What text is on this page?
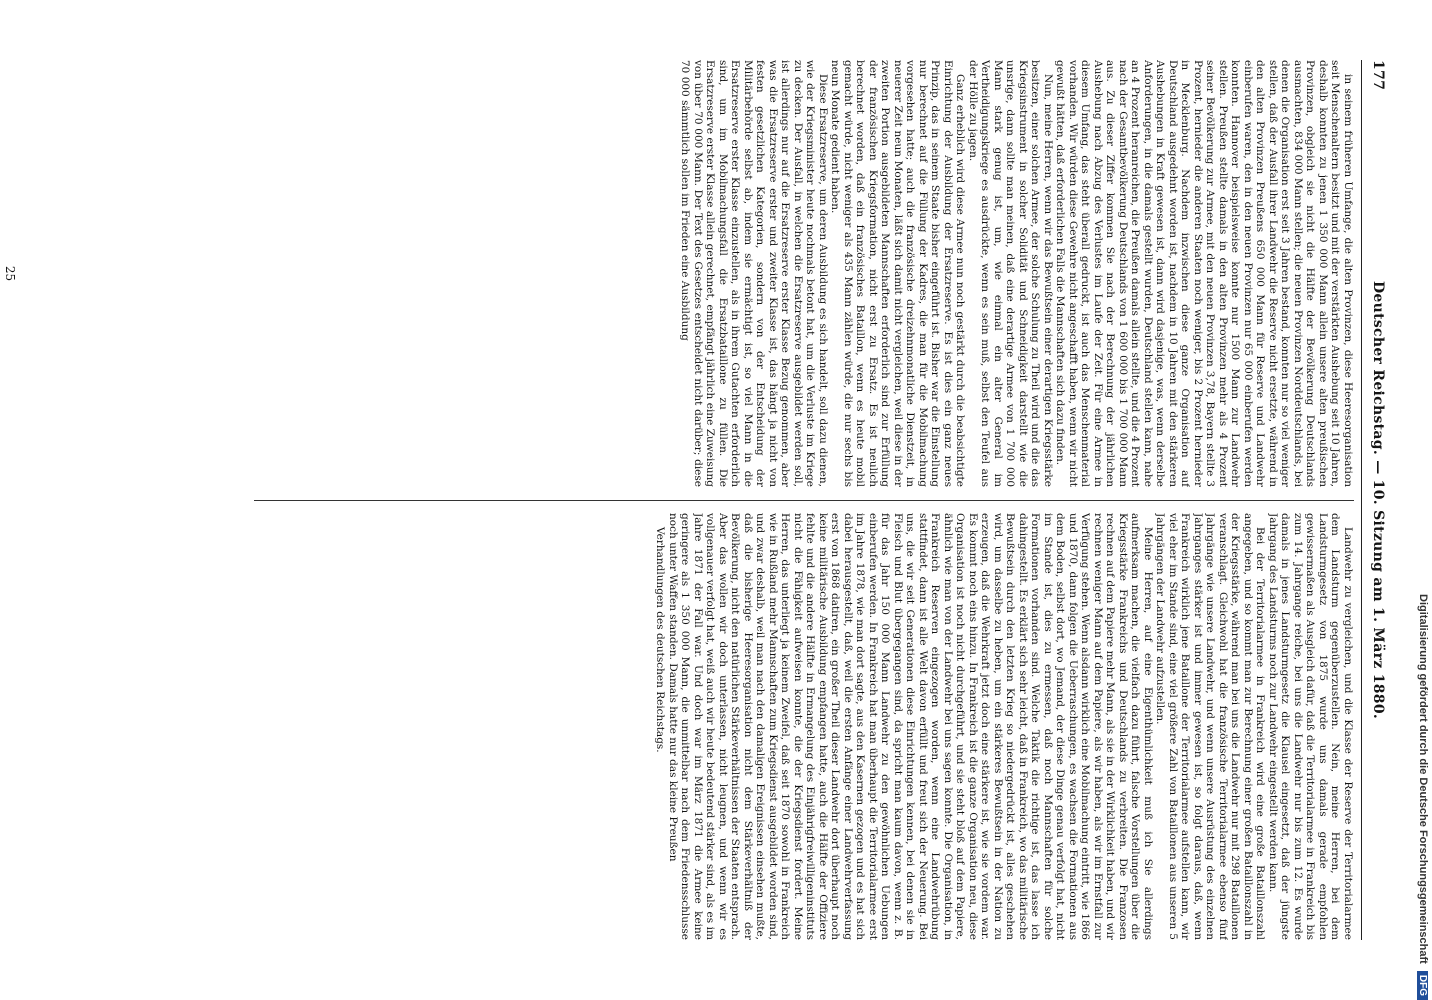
Digitalisierung gefördert durch die Deutsche Forschungsgemeinschaft DFG
177
Deutscher Reichstag. — 10. Sitzung am 1. März 1880.

in seinem früheren Umfange, die alten Provinzen, diese Heeresorganisation seit Menschenaltern besitzt und mit der verstärkten Aushebung seit 10 Jahren, deshalb konnten zu jenen 1 350 000 Mann allein unsere alten preußischen Provinzen, obgleich sie nicht die Hälfte der Bevölkerung Deutschlands ausmachten, 834 000 Mann stellen; die neuen Provinzen Norddeutschlands, bei denen die Organisation erst seit 3 Jahren bestand, konnten nur so viel weniger stellen, daß der Ausfall ihrer Landwehr die Reserve nicht ersetzte, während in den alten Provinzen Preußens 650 000 Mann für Reserve und Landwehr einberufen waren, den in den neuen Provinzen nur 65 000 einberufen werden konnten. Hannover beispielsweise konnte nur 1500 Mann zur Landwehr stellen. Preußen stellte damals in den alten Provinzen mehr als 4 Prozent seiner Bevölkerung zur Armee, mit den neuen Provinzen 3,78, Bayern stellte 3 Prozent, hernieder die anderen Staaten noch weniger, bis 2 Prozent hernieder in Mecklenburg. Nachdem inzwischen diese ganze Organisation auf Deutschland ausgedehnt worden ist, nachdem in 10 Jahren mit den stärkeren Aushebungen in Kraft gewesen ist, dann wird dasjenige, was, wenn derselbe Anforderungen, in die damals gestellt wurden, Deutschland stellen kann, nahe an 4 Prozent heranreichen, die Preußen damals allein stellte, und die 4 Prozent nach der Gesamtbevölkerung Deutschlands von 1 600 000 bis 1 700 000 Mann aus. Zu dieser Ziffer kommen Sie nach der Berechnung der jährlichen Aushebung nach Abzug des Verlustes im Laufe der Zeit. Für eine Armee in diesem Umfang, das steht überall gedruckt, ist auch das Menschenmaterial vorhanden. Wir würden diese Gewehre nicht angeschafft haben, wenn wir nicht gewußt hätten, daß erforderlichen Falls die Mannschaften sich dazu finden.

Nun, meine Herren, wenn wir das Bewußtsein einer derartigen Kriegsstärke besitzen, einer solchen Armee, der solche Schulung zu Theil wird und die das Kriegsinstrument in solcher Solidität und Schneidigkeit darstellt wie die unsrige, dann sollte man meinen, daß eine derartige Armee von 1 700 000 Mann stark genug ist, um, wie einmal ein alter General im Vertheidigungskriege es ausdrückte, wenn es sein muß, selbst den Teufel aus der Hölle zu jagen.

Ganz erheblich wird diese Armee nun noch gestärkt durch die beabsichtigte Einrichtung der Ausbildung der Ersatzreserve. Es ist dies ein ganz neues Prinzip, das in seinem Staate bisher eingeführt ist. Bisher war die Einstellung nur berechnet auf die Füllung der Kadres, die man für die Mobilmachung vorgesehen hatte; auch die französische dreizehnmonatliche Dienstzeit, in neuerer Zeit neun Monaten, läßt sich damit nicht vergleichen, weil diese in der zweiten Portion ausgebildeten Mannschaften erforderlich sind zur Erfüllung der französischen Kriegsformation, nicht erst zu Ersatz. Es ist neulich berechnet worden, daß ein französisches Bataillon, wenn es heute mobil gemacht würde, nicht weniger als 435 Mann zählen würde, die nur sechs bis neun Monate gedient haben.

Diese Ersatzreserve, um deren Ausbildung es sich handelt, soll dazu dienen, wie der Kriegsminister heute nochmals betont hat, um die Verluste im Kriege zu decken. Der Ausfall, in welchen die Ersatzreserve ausgebildet werden soll, ist allerdings nur auf die Ersatzreserve erster Klasse Bezug genommen, aber was die Ersatzreserve erster und zweiter Klasse ist, das hängt ja nicht von festen gesetzlichen Kategorien, sondern von der Entscheidung der Militärbehörde selbst ab, indem sie ermächtigt ist, so viel Mann in die Ersatzreserve erster Klasse einzustellen, als in ihrem Gutachten erforderlich sind, um im Mobilmachungsfall die Ersatzbataillone zu füllen. Die Ersatzreserve erster Klasse allein gerechnet, empfängt jährlich eine Zuweisung von über 70 000 Mann. Der Text des Gesetzes entscheidet nicht darüber; diese 70 000 sämmtlich sollen im Frieden eine Ausbildung

25

Landwehr zu vergleichen, und die Klasse der Reserve der Territorialarmee dem Landsturm gegenüberzustellen. Nein, meine Herren, bei dem Landsturmgesetz von 1875 wurde uns damals gerade empfohlen gewissermaßen als Ausgleich dafür, daß die Territorialarmee in Frankreich bis zum 14. Jahrgange reiche, bei uns die Landwehr nur bis zum 12. Es wurde damals in jenes Landsturmgesetz die Klausel eingesetzt, daß der jüngste Jahrgang des Landsturms noch zur Landwehr eingestellt werden kann.

Bei der Territorialarmee in Frankreich wird eine große Bataillonszahl angegeben, und so kommt man zur Berechnung einer großen Bataillonszahl in der Kriegsstärke, während man bei uns die Landwehr nur mit 298 Bataillonen veranschlagt. Gleichwohl hat die französische Territorialarmee ebenso fünf Jahrgänge wie unsere Landwehr, und wenn unsere Ausrüstung des einzelnen Jahrganges stärker ist und immer gewesen ist, so folgt daraus, daß, wenn Frankreich wirklich jene Bataillone der Territorialarmee aufstellen kann, wir viel eher im Stande sind, eine viel größere Zahl von Bataillonen aus unseren 5 Jahrgängen der Landwehr aufzustellen.

Meine Herren, auf eine Eigenthümlichkeit muß ich Sie allerdings aufmerksam machen, die vielfach dazu führt, falsche Vorstellungen über die Kriegsstärke Frankreichs und Deutschlands zu verbreiten. Die Franzosen rechnen auf dem Papiere mehr Mann, als sie in der Wirklichkeit haben, und wir rechnen weniger Mann auf dem Papiere, als wir haben, als wir im Ernstfall zur Verfügung stehen. Wenn alsdann wirklich eine Mobilmachung eintritt, wie 1866 und 1870, dann folgen die Ueberraschungen, es wachsen die Formationen aus dem Boden, selbst dort, wo Jemand, der diese Dinge genau verfolgt hat, nicht im Stande ist, dies zu ermessen, daß noch Mannschaften für solche Formationen vorhanden sind. Welche Taktik die richtige ist, das lasse ich dahingestellt. Es erklärt sich sehr leicht, daß in Frankreich, wo das militärische Bewußtsein durch den letzten Krieg so niedergedrückt ist, alles geschehen wird, um dasselbe zu heben, um ein stärkeres Bewußtsein in der Nation zu erzeugen, daß die Wehrkraft jetzt doch eine stärkere ist, wie sie vordem war. Es kommt noch eins hinzu. In Frankreich ist die ganze Organisation neu, diese Organisation ist noch nicht durchgeführt, und sie steht bloß auf dem Papiere, ähnlich wie man von der Landwehr bei uns sagen konnte. Die Organisation, in Frankreich Reserven eingezogen worden, wenn eine Landwehrübung stattfindet, dann ist alle Welt davon erfüllt und freut sich der Neuerung. Bei uns, die wir seit Generationen diese Einrichtungen kennen, bei denen sie in Fleisch und Blut übergegangen sind, da spricht man kaum davon, wenn z. B. für das Jahr 150 000 Mann Landwehr zu den gewöhnlichen Uebungen einberufen werden. In Frankreich hat man überhaupt die Territorialarmee erst im Jahre 1878, wie man dort sagte, aus den Kasernen gezogen und es hat sich dabei herausgestellt, daß, weil die ersten Anfänge einer Landwehrverfassung erst von 1868 datiren, ein großer Theil dieser Landwehr dort überhaupt noch keine militärische Ausbildung empfangen hatte, auch die Hälfte der Offiziere fehlte und die andere Hälfte in Ermangelung des Einjährigfreiwilligeninstituts nicht die Fähigkeit aufweisen konnte, die der Kriegsdienst fordert. Meine Herren, das unterliegt ja keinem Zweifel, daß seit 1870 sowohl in Frankreich wie in Rußland mehr Mannschaften zum Kriegsdienst ausgebildet worden sind, und zwar deshalb, weil man nach den damaligen Ereignissen einsehen mußte, daß die bisherige Heeresorganisation nicht dem Stärkeverhältniß der Bevölkerung, nicht den natürlichen Stärkeverhältnissen der Staaten entsprach. Aber das wollen wir doch unterlassen, nicht leugnen, und wenn wir es vollgenauer verfolgt hat, weiß auch wir heute bedeutend stärker sind, als es im Jahre 1871 der Fall war. Und doch war im März 1871 die Armee keine geringere als 1 350 000 Mann, die unmittelbar nach dem Friedensschlusse noch unter Waffen standen. Damals hatte nur das kleine Preußen

Verhandlungen des deutschen Reichstags.
